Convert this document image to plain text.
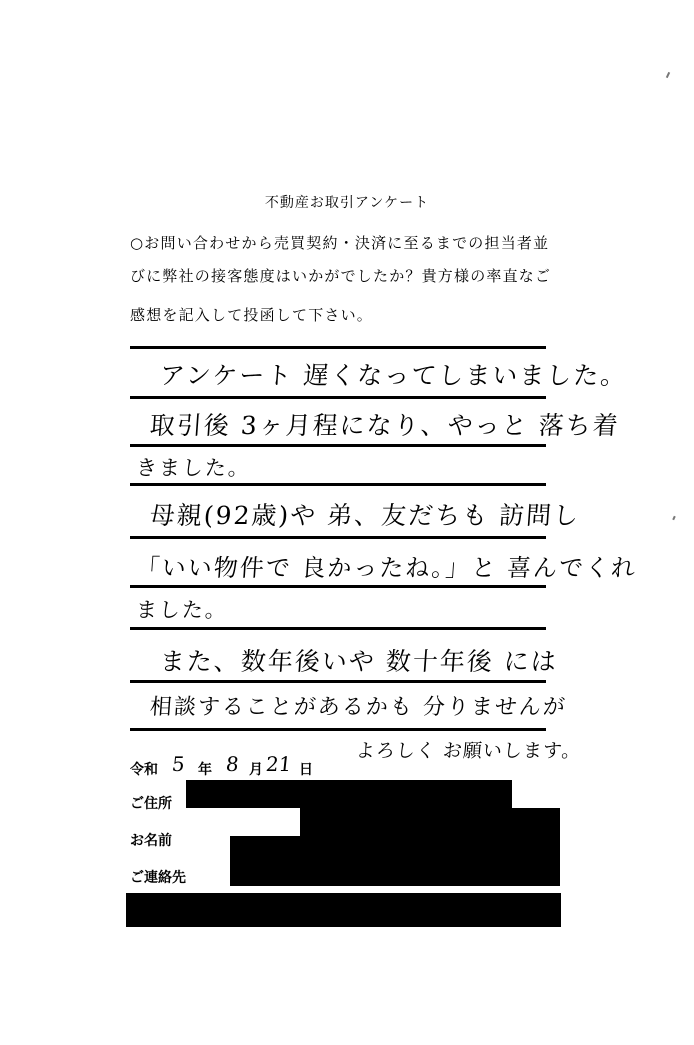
不動産お取引アンケート
○お問い合わせから売買契約・決済に至るまでの担当者並
びに弊社の接客態度はいかがでしたか？貴方様の率直なご
感想を記入して投函して下さい。
アンケート 遅くなってしまいました。
取引後 3ヶ月程になり、やっと 落ち着
きました。
母親(92歳)や 弟、友だちも 訪問し
「いい物件で 良かったね。」と 喜んでくれ
ました。
また、数年後いや 数十年後 には
相談することがあるかも 分りませんが
よろしく お願いします。
令和 5 年 8 月 21 日
ご住所
お名前
ご連絡先
